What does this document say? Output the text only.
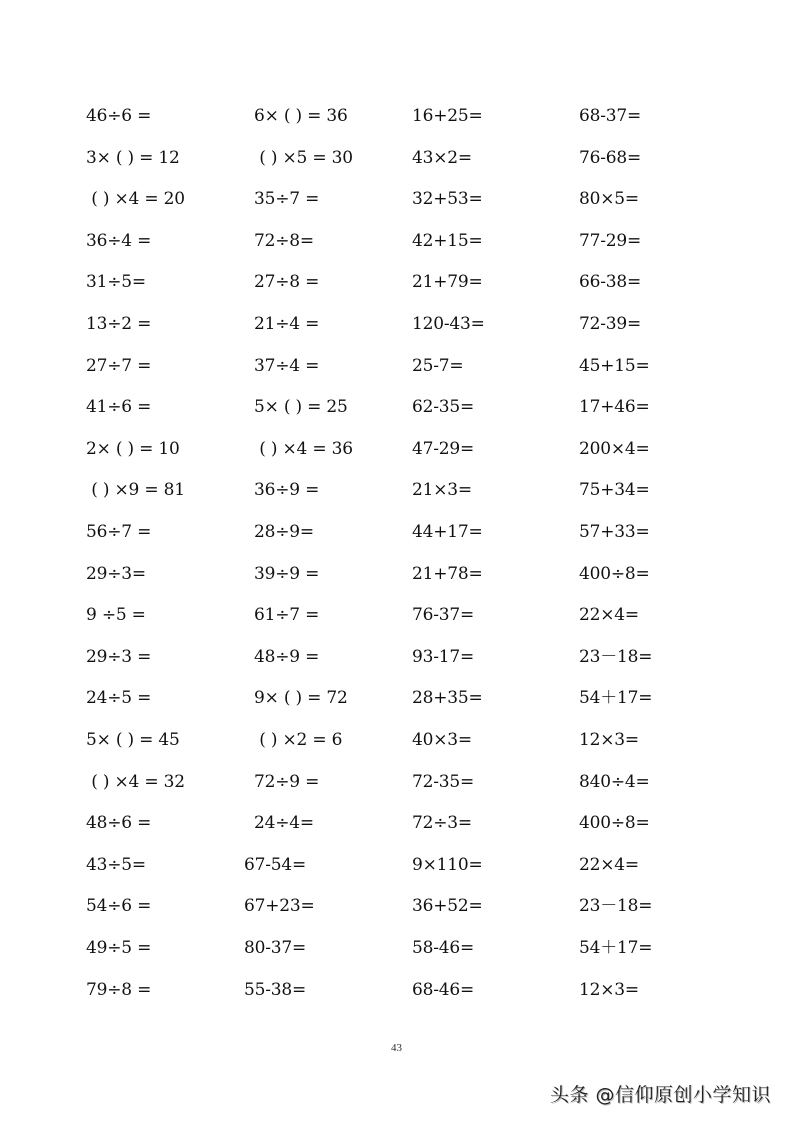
46÷6 =	6× ( ) = 36	16+25=	68-37=
3× ( ) = 12	( ) ×5 = 30	43×2=	76-68=
( ) ×4 = 20	35÷7 =	32+53=	80×5=
36÷4 =	72÷8=	42+15=	77-29=
31÷5=	27÷8 =	21+79=	66-38=
13÷2 =	21÷4 =	120-43=	72-39=
27÷7 =	37÷4 =	25-7=	45+15=
41÷6 =	5× ( ) = 25	62-35=	17+46=
2× ( ) = 10	( ) ×4 = 36	47-29=	200×4=
( ) ×9 = 81	36÷9 =	21×3=	75+34=
56÷7 =	28÷9=	44+17=	57+33=
29÷3=	39÷9 =	21+78=	400÷8=
9 ÷5 =	61÷7 =	76-37=	22×4=
29÷3 =	48÷9 =	93-17=	23－18=
24÷5 =	9× ( ) = 72	28+35=	54＋17=
5× ( ) = 45	( ) ×2 = 6	40×3=	12×3=
( ) ×4 = 32	72÷9 =	72-35=	840÷4=
48÷6 =	24÷4=	72÷3=	400÷8=
43÷5=	67-54=	9×110=	22×4=
54÷6 =	67+23=	36+52=	23－18=
49÷5 =	80-37=	58-46=	54＋17=
79÷8 =	55-38=	68-46=	12×3=
43
头条 @信仰原创小学知识
